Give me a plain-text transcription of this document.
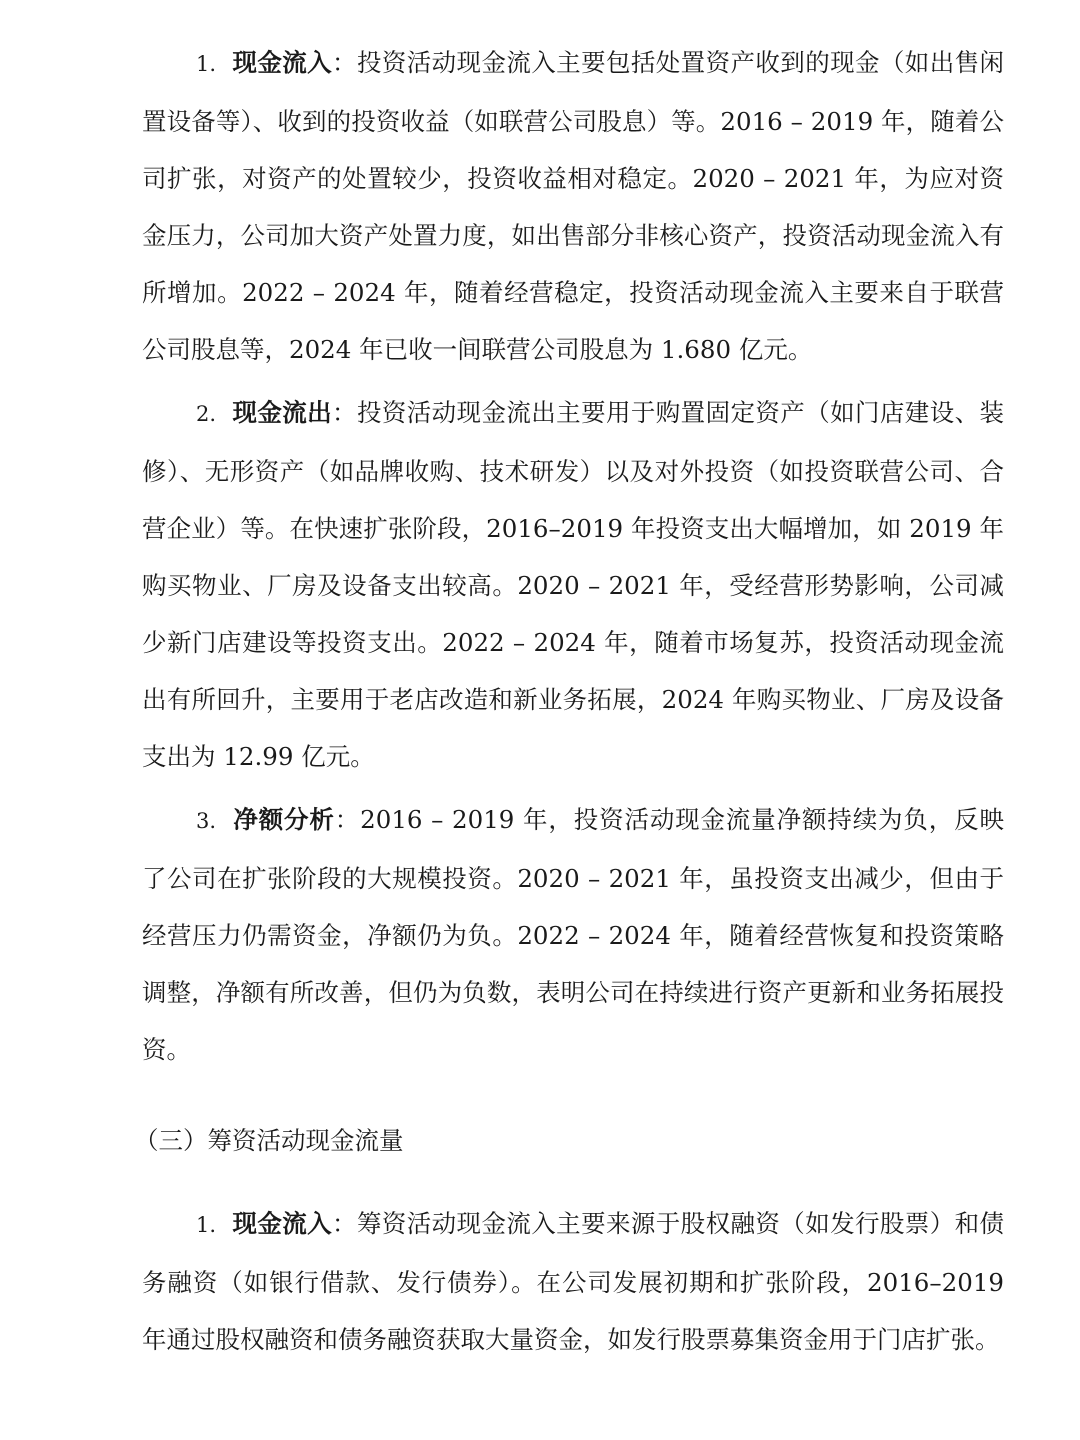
1. 现金流入：投资活动现金流入主要包括处置资产收到的现金（如出售闲置设备等）、收到的投资收益（如联营公司股息）等。2016 – 2019 年，随着公司扩张，对资产的处置较少，投资收益相对稳定。2020 – 2021 年，为应对资金压力，公司加大资产处置力度，如出售部分非核心资产，投资活动现金流入有所增加。2022 – 2024 年，随着经营稳定，投资活动现金流入主要来自于联营公司股息等，2024 年已收一间联营公司股息为 1.680 亿元。

2. 现金流出：投资活动现金流出主要用于购置固定资产（如门店建设、装修）、无形资产（如品牌收购、技术研发）以及对外投资（如投资联营公司、合营企业）等。在快速扩张阶段，2016–2019 年投资支出大幅增加，如 2019 年购买物业、厂房及设备支出较高。2020 – 2021 年，受经营形势影响，公司减少新门店建设等投资支出。2022 – 2024 年，随着市场复苏，投资活动现金流出有所回升，主要用于老店改造和新业务拓展，2024 年购买物业、厂房及设备支出为 12.99 亿元。

3. 净额分析：2016 – 2019 年，投资活动现金流量净额持续为负，反映了公司在扩张阶段的大规模投资。2020 – 2021 年，虽投资支出减少，但由于经营压力仍需资金，净额仍为负。2022 – 2024 年，随着经营恢复和投资策略调整，净额有所改善，但仍为负数，表明公司在持续进行资产更新和业务拓展投资。

（三）筹资活动现金流量

1. 现金流入：筹资活动现金流入主要来源于股权融资（如发行股票）和债务融资（如银行借款、发行债券）。在公司发展初期和扩张阶段，2016–2019 年通过股权融资和债务融资获取大量资金，如发行股票募集资金用于门店扩张。
